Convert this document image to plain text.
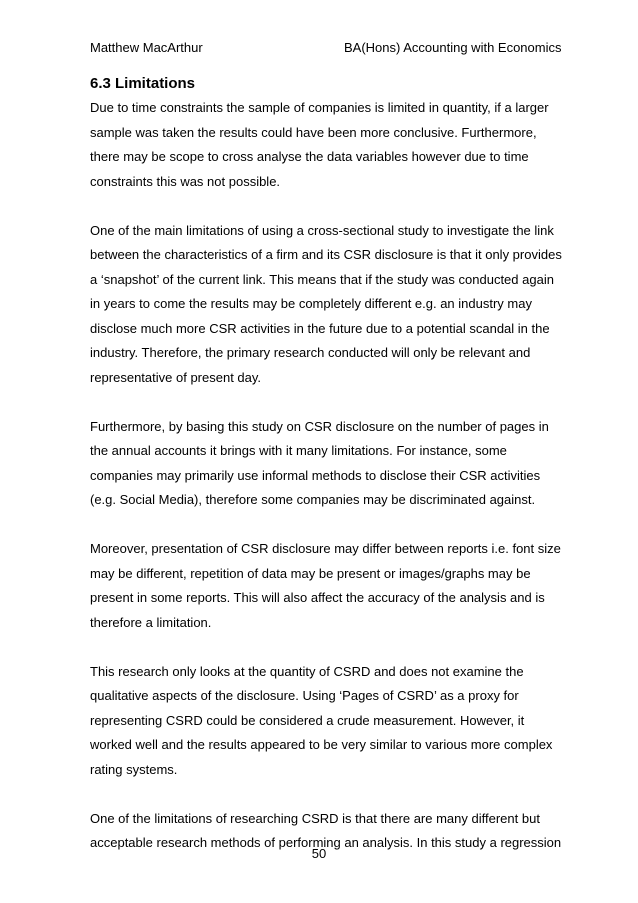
Matthew MacArthur	BA(Hons) Accounting with Economics
6.3 Limitations

Due to time constraints the sample of companies is limited in quantity, if a larger
sample was taken the results could have been more conclusive. Furthermore,
there may be scope to cross analyse the data variables however due to time
constraints this was not possible.

One of the main limitations of using a cross-sectional study to investigate the link
between the characteristics of a firm and its CSR disclosure is that it only provides
a ‘snapshot’ of the current link. This means that if the study was conducted again
in years to come the results may be completely different e.g. an industry may
disclose much more CSR activities in the future due to a potential scandal in the
industry. Therefore, the primary research conducted will only be relevant and
representative of present day.

Furthermore, by basing this study on CSR disclosure on the number of pages in
the annual accounts it brings with it many limitations. For instance, some
companies may primarily use informal methods to disclose their CSR activities
(e.g. Social Media), therefore some companies may be discriminated against.

Moreover, presentation of CSR disclosure may differ between reports i.e. font size
may be different, repetition of data may be present or images/graphs may be
present in some reports. This will also affect the accuracy of the analysis and is
therefore a limitation.

This research only looks at the quantity of CSRD and does not examine the
qualitative aspects of the disclosure. Using ‘Pages of CSRD’ as a proxy for
representing CSRD could be considered a crude measurement. However, it
worked well and the results appeared to be very similar to various more complex
rating systems.

One of the limitations of researching CSRD is that there are many different but
acceptable research methods of performing an analysis. In this study a regression

50
